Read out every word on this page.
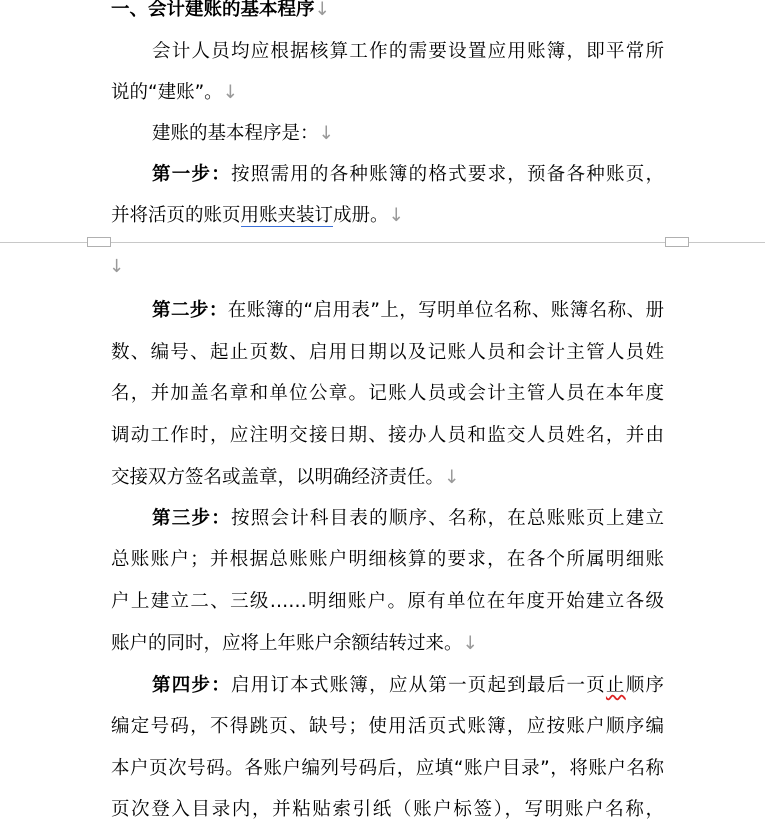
↓
一、会计建账的基本程序↓
会计人员均应根据核算工作的需要设置应用账簿，即平常所
说的“建账”。↓
建账的基本程序是：↓
第一步：按照需用的各种账簿的格式要求，预备各种账页，
并将活页的账页用账夹装订成册。↓
第二步：在账簿的“启用表”上，写明单位名称、账簿名称、册
数、编号、起止页数、启用日期以及记账人员和会计主管人员姓
名，并加盖名章和单位公章。记账人员或会计主管人员在本年度
调动工作时，应注明交接日期、接办人员和监交人员姓名，并由
交接双方签名或盖章，以明确经济责任。↓
第三步：按照会计科目表的顺序、名称，在总账账页上建立
总账账户；并根据总账账户明细核算的要求，在各个所属明细账
户上建立二、三级……明细账户。原有单位在年度开始建立各级
账户的同时，应将上年账户余额结转过来。↓
第四步：启用订本式账簿，应从第一页起到最后一页止顺序
编定号码，不得跳页、缺号；使用活页式账簿，应按账户顺序编
本户页次号码。各账户编列号码后，应填“账户目录”，将账户名称
页次登入目录内，并粘贴索引纸（账户标签），写明账户名称，
